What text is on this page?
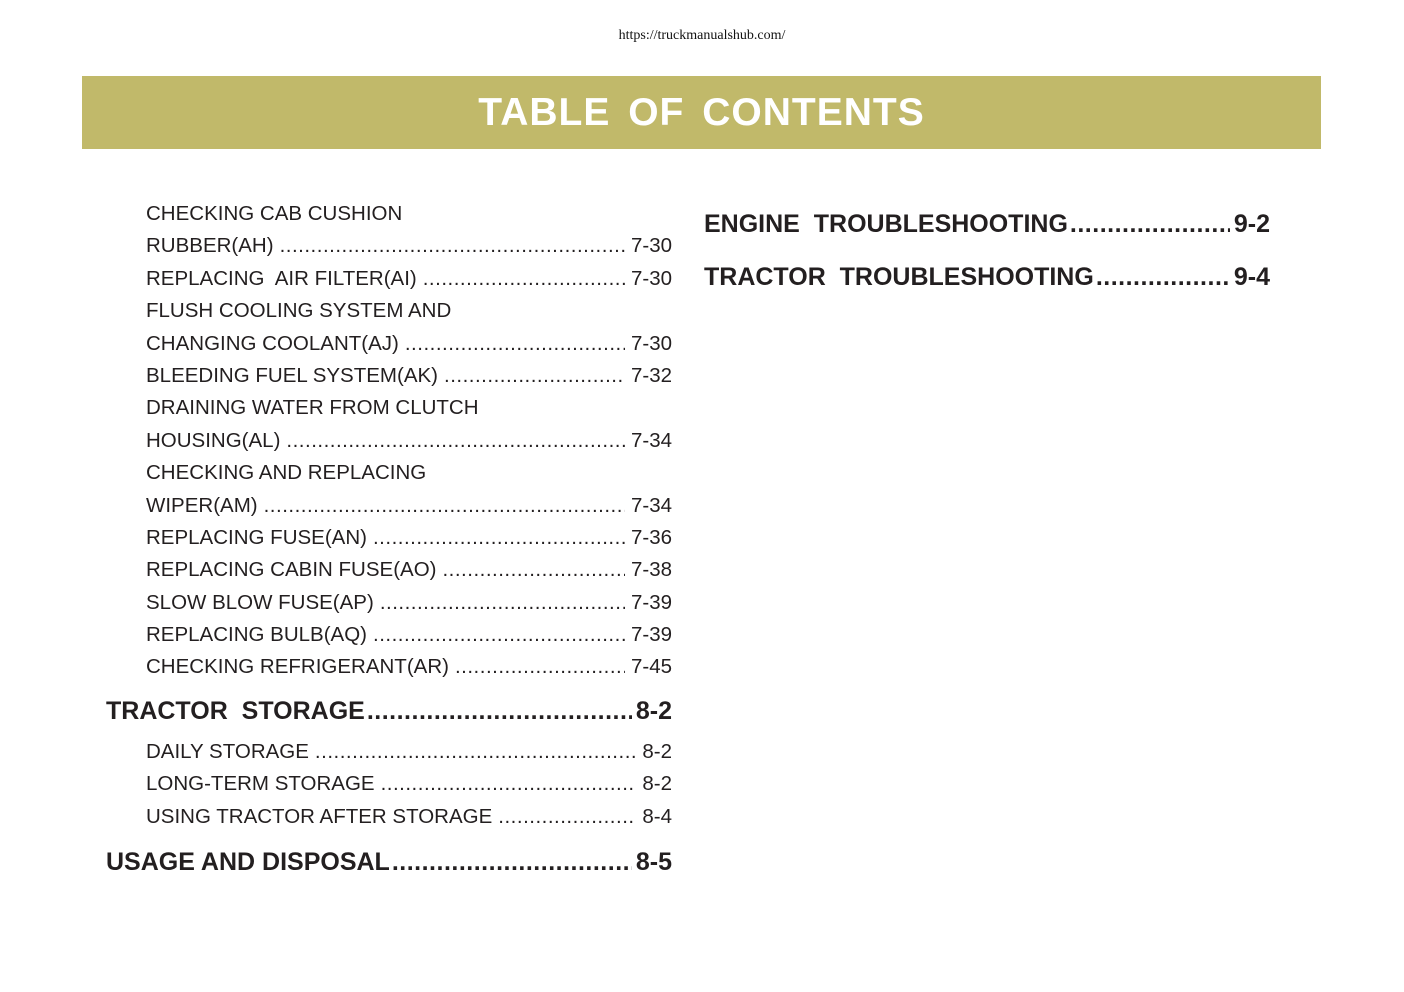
https://truckmanualshub.com/
TABLE OF CONTENTS
CHECKING CAB CUSHION
RUBBER(AH) .....	7-30
REPLACING  AIR FILTER(AI) .....	7-30
FLUSH COOLING SYSTEM AND
CHANGING COOLANT(AJ) .....	7-30
BLEEDING FUEL SYSTEM(AK) .....	7-32
DRAINING WATER FROM CLUTCH
HOUSING(AL) .....	7-34
CHECKING AND REPLACING
WIPER(AM) .....	7-34
REPLACING FUSE(AN) .....	7-36
REPLACING CABIN FUSE(AO) .....	7-38
SLOW BLOW FUSE(AP) .....	7-39
REPLACING BULB(AQ) .....	7-39
CHECKING REFRIGERANT(AR) .....	7-45
TRACTOR  STORAGE .....	8-2
DAILY STORAGE .....	8-2
LONG-TERM STORAGE .....	8-2
USING TRACTOR AFTER STORAGE .....	8-4
USAGE AND DISPOSAL .....	8-5
ENGINE  TROUBLESHOOTING .....	9-2
TRACTOR  TROUBLESHOOTING .....	9-4
